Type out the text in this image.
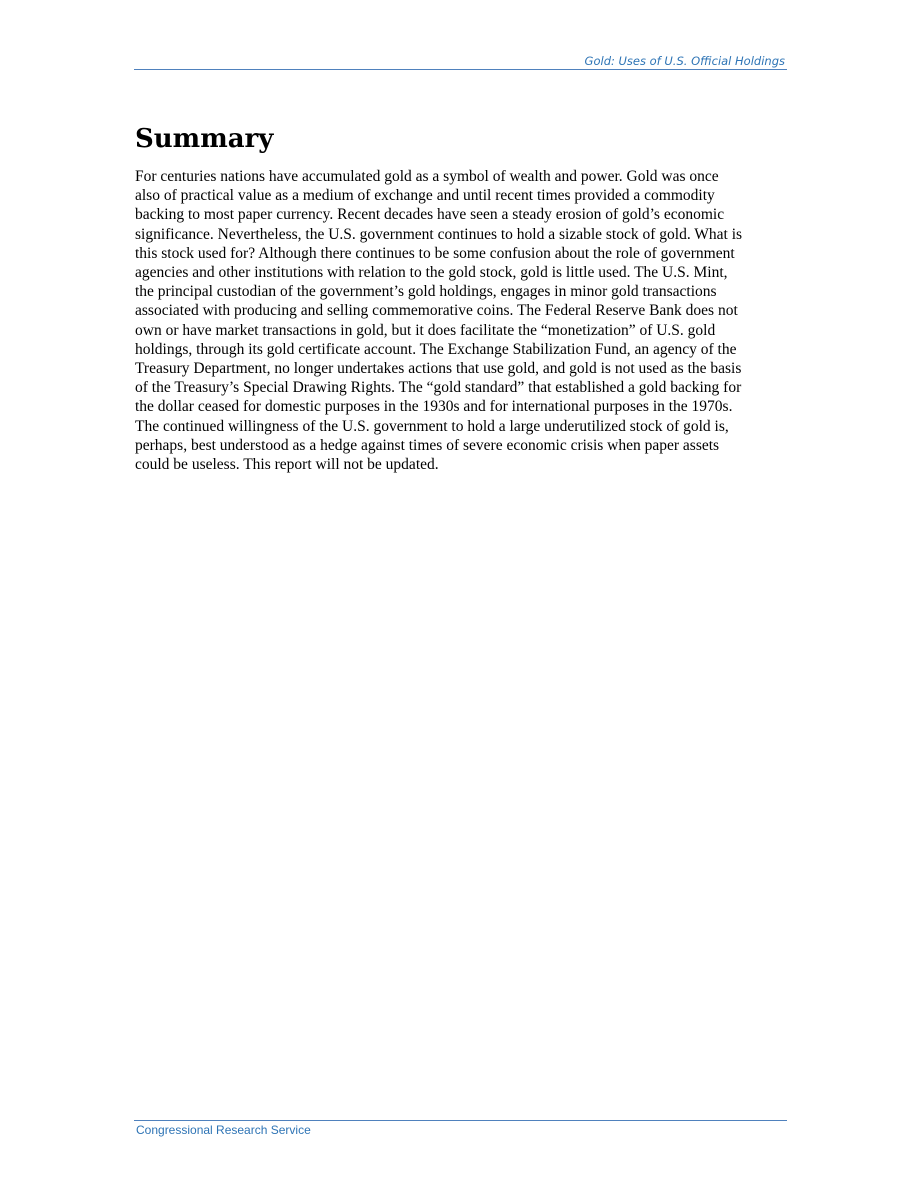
Gold: Uses of U.S. Official Holdings
Summary

For centuries nations have accumulated gold as a symbol of wealth and power. Gold was once
also of practical value as a medium of exchange and until recent times provided a commodity
backing to most paper currency. Recent decades have seen a steady erosion of gold’s economic
significance. Nevertheless, the U.S. government continues to hold a sizable stock of gold. What is
this stock used for? Although there continues to be some confusion about the role of government
agencies and other institutions with relation to the gold stock, gold is little used. The U.S. Mint,
the principal custodian of the government’s gold holdings, engages in minor gold transactions
associated with producing and selling commemorative coins. The Federal Reserve Bank does not
own or have market transactions in gold, but it does facilitate the “monetization” of U.S. gold
holdings, through its gold certificate account. The Exchange Stabilization Fund, an agency of the
Treasury Department, no longer undertakes actions that use gold, and gold is not used as the basis
of the Treasury’s Special Drawing Rights. The “gold standard” that established a gold backing for
the dollar ceased for domestic purposes in the 1930s and for international purposes in the 1970s.
The continued willingness of the U.S. government to hold a large underutilized stock of gold is,
perhaps, best understood as a hedge against times of severe economic crisis when paper assets
could be useless. This report will not be updated.

Congressional Research Service
